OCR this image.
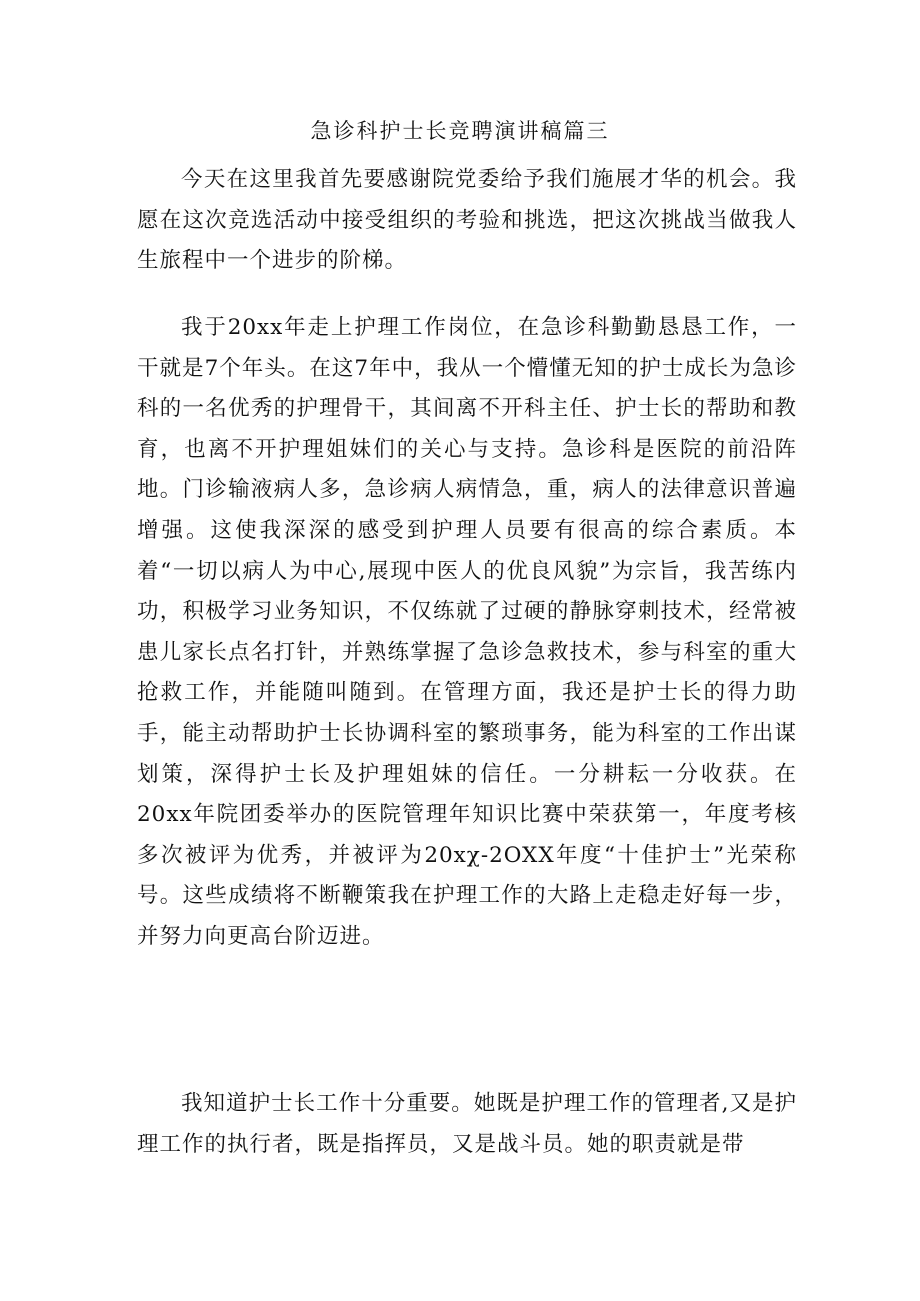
急诊科护士长竞聘演讲稿篇三

今天在这里我首先要感谢院党委给予我们施展才华的机会。我愿在这次竞选活动中接受组织的考验和挑选，把这次挑战当做我人生旅程中一个进步的阶梯。

我于20xx年走上护理工作岗位，在急诊科勤勤恳恳工作，一干就是7个年头。在这7年中，我从一个懵懂无知的护士成长为急诊科的一名优秀的护理骨干，其间离不开科主任、护士长的帮助和教育，也离不开护理姐妹们的关心与支持。急诊科是医院的前沿阵地。门诊输液病人多，急诊病人病情急，重，病人的法律意识普遍增强。这使我深深的感受到护理人员要有很高的综合素质。本着“一切以病人为中心,展现中医人的优良风貌”为宗旨，我苦练内功，积极学习业务知识，不仅练就了过硬的静脉穿刺技术，经常被患儿家长点名打针，并熟练掌握了急诊急救技术，参与科室的重大抢救工作，并能随叫随到。在管理方面，我还是护士长的得力助手，能主动帮助护士长协调科室的繁琐事务，能为科室的工作出谋划策，深得护士长及护理姐妹的信任。一分耕耘一分收获。在20xx年院团委举办的医院管理年知识比赛中荣获第一，年度考核多次被评为优秀，并被评为20xχ-2OXX年度“十佳护士”光荣称号。这些成绩将不断鞭策我在护理工作的大路上走稳走好每一步，并努力向更高台阶迈进。

我知道护士长工作十分重要。她既是护理工作的管理者,又是护理工作的执行者，既是指挥员，又是战斗员。她的职责就是带
